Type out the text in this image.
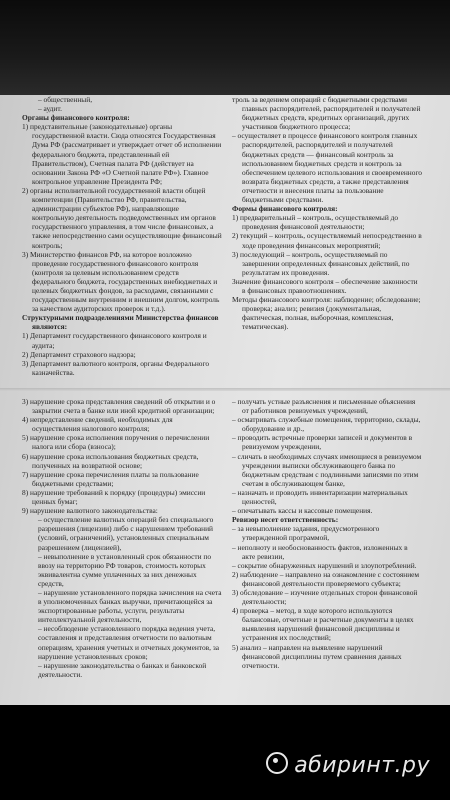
– общественный,
– аудит.
Органы финансового контроля:
1) представительные (законодательные) органы государственной власти. Сюда относятся Государственная Дума РФ (рассматривает и утверждает отчет об исполнении федерального бюджета, представленный ей Правительством), Счетная палата РФ (действует на основании Закона РФ «О Счетной палате РФ»). Главное контрольное управление Президента РФ;
2) органы исполнительной государственной власти общей компетенции (Правительство РФ, правительства, администрации субъектов РФ), направляющие контрольную деятельность подведомственных им органов государственного управления, в том числе финансовых, а также непосредственно сами осуществляющие финансовый контроль;
3) Министерство финансов РФ, на которое возложено проведение государственного финансового контроля (контроля за целевым использованием средств федерального бюджета, государственных внебюджетных и целевых бюджетных фондов, за расходами, связанными с государственным внутренним и внешним долгом, контроль за качеством аудиторских проверок и т.д.).
Структурными подразделениями Министерства финансов являются:
1) Департамент государственного финансового контроля и аудита;
2) Департамент страхового надзора;
3) Департамент валютного контроля, органы Федерального казначейства.
троль за ведением операций с бюджетными средствами главных распорядителей, распорядителей и получателей бюджетных средств, кредитных организаций, других участников бюджетного процесса;
– осуществляет в процессе финансового контроля главных распорядителей, распорядителей и получателей бюджетных средств — финансовый контроль за использованием бюджетных средств и контроль за обеспечением целевого использования и своевременного возврата бюджетных средств, а также представления отчетности и внесения платы за пользование бюджетными средствами.
Формы финансового контроля:
1) предварительный – контроль, осуществляемый до проведения финансовой деятельности;
2) текущий – контроль, осуществляемый непосредственно в ходе проведения финансовых мероприятий;
3) последующий – контроль, осуществляемый по завершении определенных финансовых действий, по результатам их проведения.
Значение финансового контроля – обеспечение законности в финансовых правоотношениях.
Методы финансового контроля: наблюдение; обследование; проверка; анализ; ревизия (документальная, фактическая, полная, выборочная, комплексная, тематическая).
3) нарушение срока представления сведений об открытии и о закрытии счета в банке или иной кредитной организации;
4) непредставление сведений, необходимых для осуществления налогового контроля;
5) нарушение срока исполнения поручения о перечислении налога или сбора (взноса);
6) нарушение срока использования бюджетных средств, полученных на возвратной основе;
7) нарушение срока перечисления платы за пользование бюджетными средствами;
8) нарушение требований к порядку (процедуры) эмиссии ценных бумаг;
9) нарушение валютного законодательства:
– осуществление валютных операций без специального разрешения (лицензии) либо с нарушением требований (условий, ограничений), установленных специальным разрешением (лицензией),
– невыполнение в установленный срок обязанности по ввозу на территорию РФ товаров, стоимость которых эквивалентна сумме уплаченных за них денежных средств,
– нарушение установленного порядка зачисления на счета в уполномоченных банках выручки, причитающейся за экспортированные работы, услуги, результаты интеллектуальной деятельности,
– несоблюдение установленного порядка ведения учета, составления и представления отчетности по валютным операциям, хранения учетных и отчетных документов, за нарушение установленных сроков;
– нарушение законодательства о банках и банковской деятельности.
– получать устные разъяснения и письменные объяснения от работников ревизуемых учреждений,
– осматривать служебные помещения, территорию, склады, оборудование и др.,
– проводить встречные проверки записей и документов в ревизуемом учреждении,
– сличать в необходимых случаях имеющиеся в ревизуемом учреждении выписки обслуживающего банка по бюджетным средствам с подлинными записями по этим счетам в обслуживающем банке,
– назначать и проводить инвентаризации материальных ценностей,
– опечатывать кассы и кассовые помещения.
Ревизор несет ответственность:
– за невыполнение задания, предусмотренного утвержденной программой,
– неполноту и необоснованность фактов, изложенных в акте ревизии,
– сокрытие обнаруженных нарушений и злоупотреблений.
2) наблюдение – направлено на ознакомление с состоянием финансовой деятельности проверяемого субъекта;
3) обследование – изучение отдельных сторон финансовой деятельности;
4) проверка – метод, в ходе которого используются балансовые, отчетные и расчетные документы в целях выявления нарушений финансовой дисциплины и устранения их последствий;
5) анализ – направлен на выявление нарушений финансовой дисциплины путем сравнения данных отчетности.
абиринт.ру
